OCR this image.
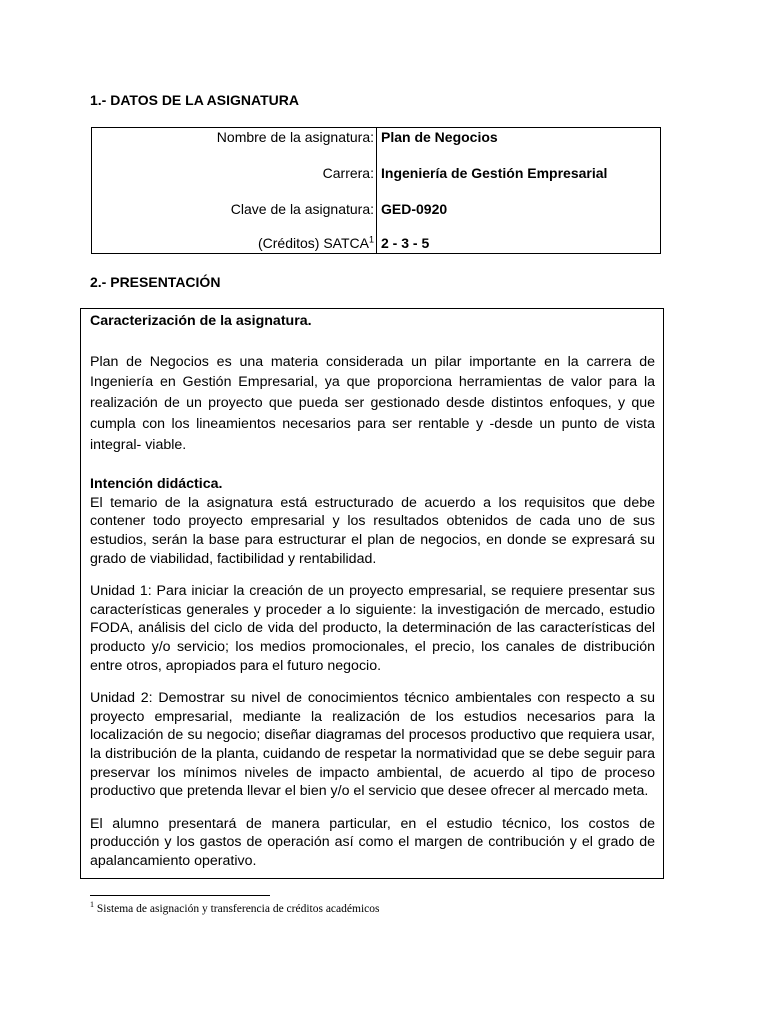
1.- DATOS DE LA ASIGNATURA
Nombre de la asignatura: Plan de Negocios
Carrera: Ingeniería de Gestión Empresarial
Clave de la asignatura: GED-0920
(Créditos) SATCA$^1$ 2 - 3 - 5
2.- PRESENTACIÓN

Caracterización de la asignatura.

Plan de Negocios es una materia considerada un pilar importante en la carrera de Ingeniería en Gestión Empresarial, ya que proporciona herramientas de valor para la realización de un proyecto que pueda ser gestionado desde distintos enfoques, y que cumpla con los lineamientos necesarios para ser rentable y -desde un punto de vista integral- viable.

Intención didáctica.

El temario de la asignatura está estructurado de acuerdo a los requisitos que debe contener todo proyecto empresarial y los resultados obtenidos de cada uno de sus estudios, serán la base para estructurar el plan de negocios, en donde se expresará su grado de viabilidad, factibilidad y rentabilidad.

Unidad 1: Para iniciar la creación de un proyecto empresarial, se requiere presentar sus características generales y proceder a lo siguiente: la investigación de mercado, estudio FODA, análisis del ciclo de vida del producto, la determinación de las características del producto y/o servicio; los medios promocionales, el precio, los canales de distribución entre otros, apropiados para el futuro negocio.

Unidad 2: Demostrar su nivel de conocimientos técnico ambientales con respecto a su proyecto empresarial, mediante la realización de los estudios necesarios para la localización de su negocio; diseñar diagramas del procesos productivo que requiera usar, la distribución de la planta, cuidando de respetar la normatividad que se debe seguir para preservar los mínimos niveles de impacto ambiental, de acuerdo al tipo de proceso productivo que pretenda llevar el bien y/o el servicio que desee ofrecer al mercado meta.

El alumno presentará de manera particular, en el estudio técnico, los costos de producción y los gastos de operación así como el margen de contribución y el grado de apalancamiento operativo.

$^1$ Sistema de asignación y transferencia de créditos académicos
